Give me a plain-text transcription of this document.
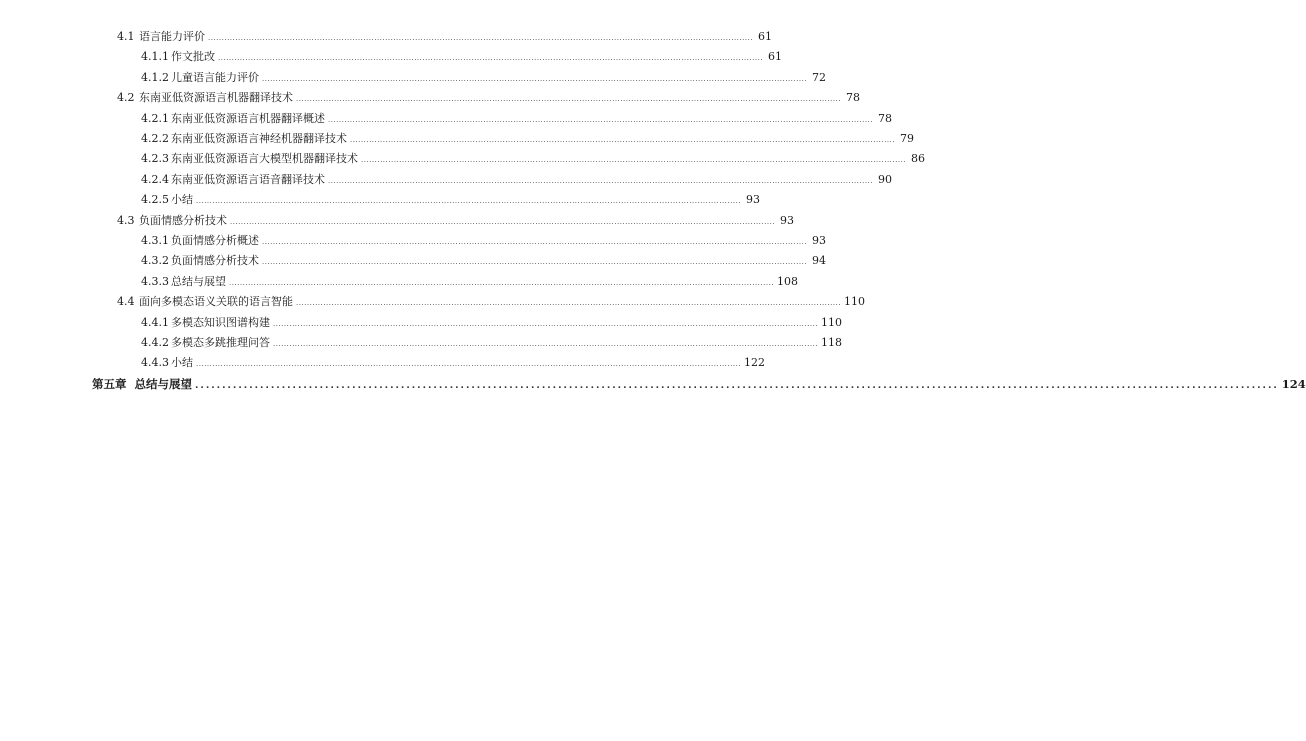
4.1 语言能力评价 ........................................................................................................................................................................................................ 61
4.1.1 作文批改 ........................................................................................................................................................................................................ 61
4.1.2 儿童语言能力评价 ........................................................................................................................................................................................................ 72
4.2 东南亚低资源语言机器翻译技术 ........................................................................................................................................................................................................ 78
4.2.1 东南亚低资源语言机器翻译概述 ........................................................................................................................................................................................................ 78
4.2.2 东南亚低资源语言神经机器翻译技术 ........................................................................................................................................................................................................ 79
4.2.3 东南亚低资源语言大模型机器翻译技术 ........................................................................................................................................................................................................ 86
4.2.4 东南亚低资源语言语音翻译技术 ........................................................................................................................................................................................................ 90
4.2.5 小结 ........................................................................................................................................................................................................ 93
4.3 负面情感分析技术 ........................................................................................................................................................................................................ 93
4.3.1 负面情感分析概述 ........................................................................................................................................................................................................ 93
4.3.2 负面情感分析技术 ........................................................................................................................................................................................................ 94
4.3.3 总结与展望 ........................................................................................................................................................................................................ 108
4.4 面向多模态语义关联的语言智能 ........................................................................................................................................................................................................ 110
4.4.1 多模态知识图谱构建 ........................................................................................................................................................................................................ 110
4.4.2 多模态多跳推理问答 ........................................................................................................................................................................................................ 118
4.4.3 小结 ........................................................................................................................................................................................................ 122
第五章 总结与展望 ........................................................................................................................................................................................................ 124
